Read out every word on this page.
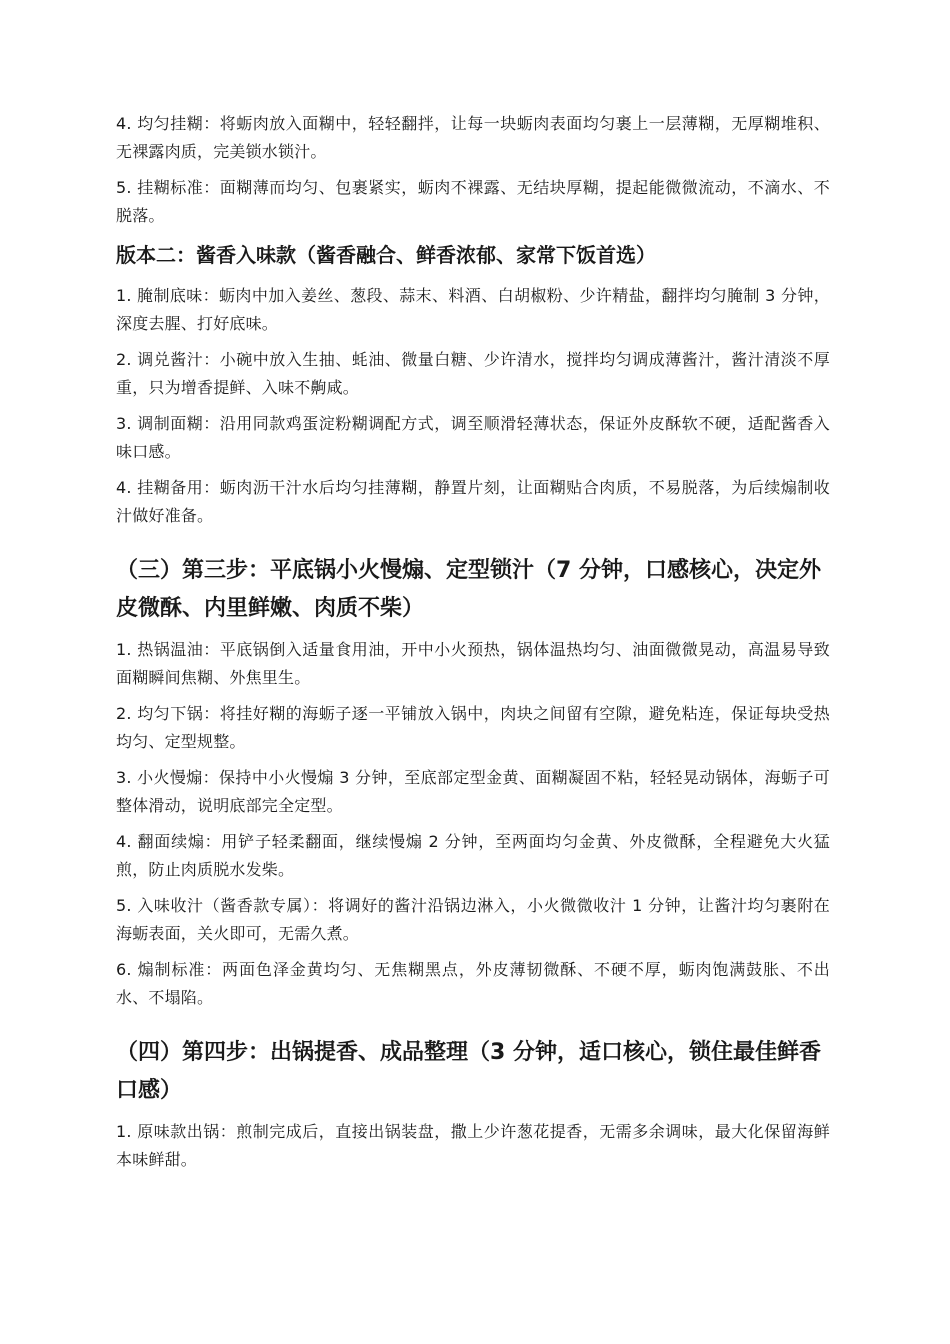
4. 均匀挂糊：将蛎肉放入面糊中，轻轻翻拌，让每一块蛎肉表面均匀裹上一层薄糊，无厚糊堆积、无裸露肉质，完美锁水锁汁。

5. 挂糊标准：面糊薄而均匀、包裹紧实，蛎肉不裸露、无结块厚糊，提起能微微流动，不滴水、不脱落。

版本二：酱香入味款（酱香融合、鲜香浓郁、家常下饭首选）

1. 腌制底味：蛎肉中加入姜丝、葱段、蒜末、料酒、白胡椒粉、少许精盐，翻拌均匀腌制 3 分钟，深度去腥、打好底味。

2. 调兑酱汁：小碗中放入生抽、蚝油、微量白糖、少许清水，搅拌均匀调成薄酱汁，酱汁清淡不厚重，只为增香提鲜、入味不齁咸。

3. 调制面糊：沿用同款鸡蛋淀粉糊调配方式，调至顺滑轻薄状态，保证外皮酥软不硬，适配酱香入味口感。

4. 挂糊备用：蛎肉沥干汁水后均匀挂薄糊，静置片刻，让面糊贴合肉质，不易脱落，为后续煽制收汁做好准备。

（三）第三步：平底锅小火慢煽、定型锁汁（7 分钟，口感核心，决定外皮微酥、内里鲜嫩、肉质不柴）

1. 热锅温油：平底锅倒入适量食用油，开中小火预热，锅体温热均匀、油面微微晃动，高温易导致面糊瞬间焦糊、外焦里生。

2. 均匀下锅：将挂好糊的海蛎子逐一平铺放入锅中，肉块之间留有空隙，避免粘连，保证每块受热均匀、定型规整。

3. 小火慢煽：保持中小火慢煽 3 分钟，至底部定型金黄、面糊凝固不粘，轻轻晃动锅体，海蛎子可整体滑动，说明底部完全定型。

4. 翻面续煽：用铲子轻柔翻面，继续慢煽 2 分钟，至两面均匀金黄、外皮微酥，全程避免大火猛煎，防止肉质脱水发柴。

5. 入味收汁（酱香款专属）：将调好的酱汁沿锅边淋入，小火微微收汁 1 分钟，让酱汁均匀裹附在海蛎表面，关火即可，无需久煮。

6. 煽制标准：两面色泽金黄均匀、无焦糊黑点，外皮薄韧微酥、不硬不厚，蛎肉饱满鼓胀、不出水、不塌陷。

（四）第四步：出锅提香、成品整理（3 分钟，适口核心，锁住最佳鲜香口感）

1. 原味款出锅：煎制完成后，直接出锅装盘，撒上少许葱花提香，无需多余调味，最大化保留海鲜本味鲜甜。
